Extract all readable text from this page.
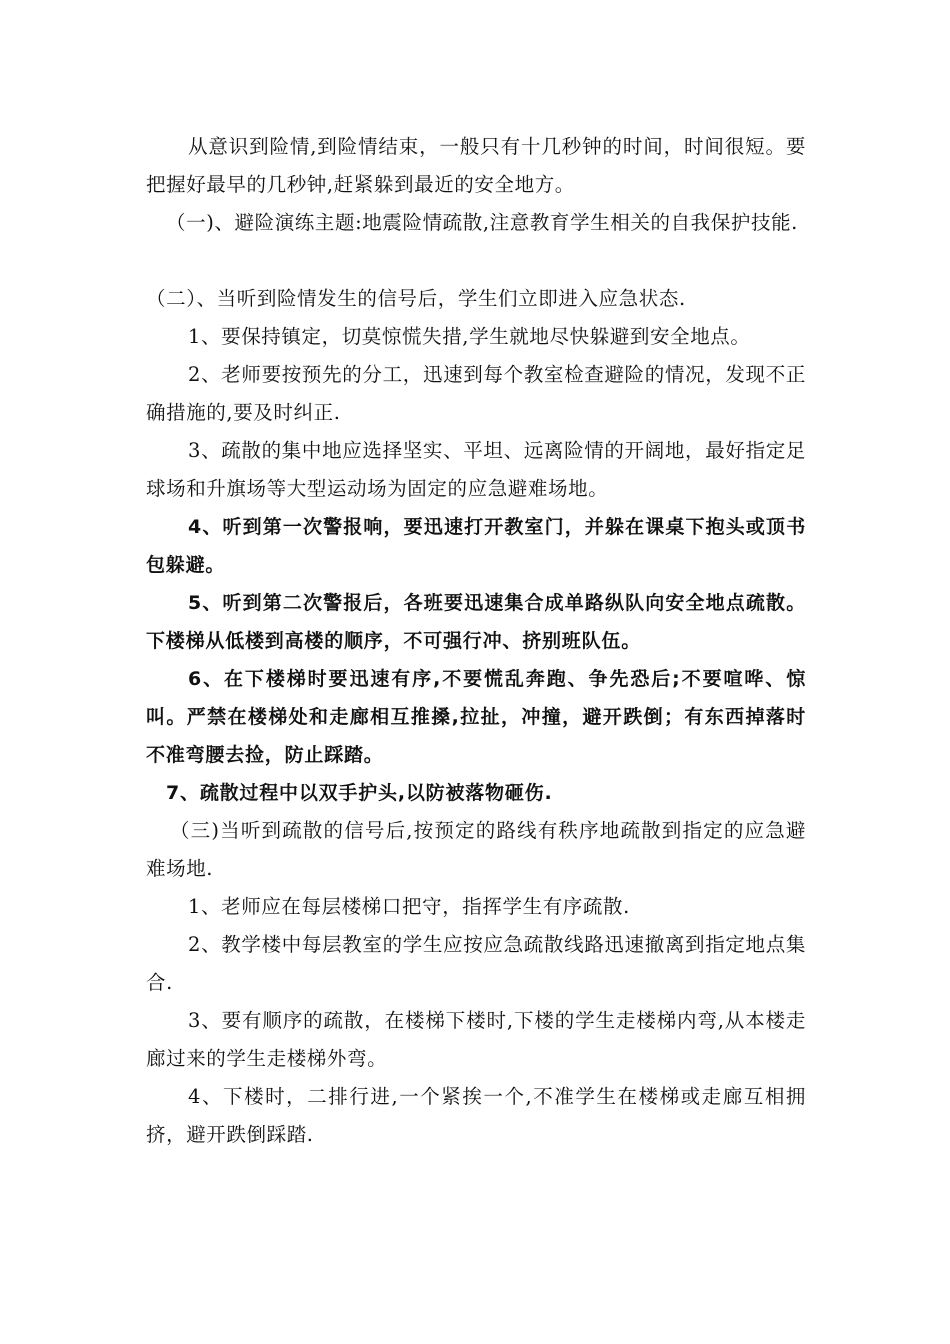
从意识到险情,到险情结束，一般只有十几秒钟的时间，时间很短。要把握好最早的几秒钟,赶紧躲到最近的安全地方。

（一)、避险演练主题:地震险情疏散,注意教育学生相关的自我保护技能.

（二）、当听到险情发生的信号后，学生们立即进入应急状态.

1、要保持镇定，切莫惊慌失措,学生就地尽快躲避到安全地点。

2、老师要按预先的分工，迅速到每个教室检查避险的情况，发现不正确措施的,要及时纠正.

3、疏散的集中地应选择坚实、平坦、远离险情的开阔地，最好指定足球场和升旗场等大型运动场为固定的应急避难场地。

4、听到第一次警报响，要迅速打开教室门，并躲在课桌下抱头或顶书包躲避。

5、听到第二次警报后，各班要迅速集合成单路纵队向安全地点疏散。下楼梯从低楼到高楼的顺序，不可强行冲、挤别班队伍。

6、在下楼梯时要迅速有序,不要慌乱奔跑、争先恐后;不要喧哗、惊叫。严禁在楼梯处和走廊相互推搡,拉扯，冲撞，避开跌倒；有东西掉落时不准弯腰去捡，防止踩踏。

7、疏散过程中以双手护头,以防被落物砸伤.

（三)当听到疏散的信号后,按预定的路线有秩序地疏散到指定的应急避难场地.

1、老师应在每层楼梯口把守，指挥学生有序疏散.

2、教学楼中每层教室的学生应按应急疏散线路迅速撤离到指定地点集合.

3、要有顺序的疏散，在楼梯下楼时,下楼的学生走楼梯内弯,从本楼走廊过来的学生走楼梯外弯。

4、下楼时，二排行进,一个紧挨一个,不准学生在楼梯或走廊互相拥挤，避开跌倒踩踏.
